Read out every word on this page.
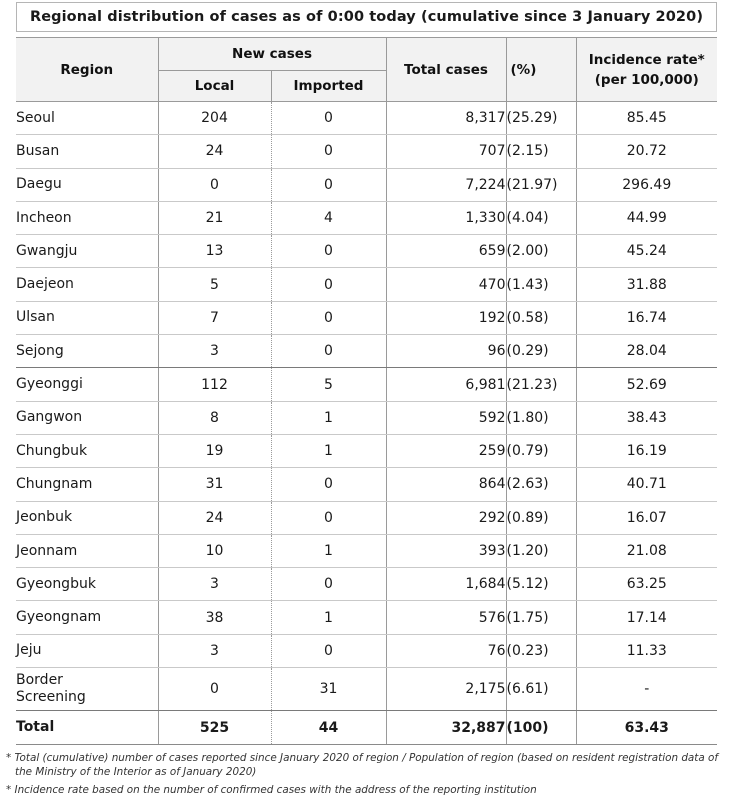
Regional distribution of cases as of 0:00 today (cumulative since 3 January 2020)
Region	New cases		Total cases	(%)	Incidence rate*
(per 100,000)

	Local	Imported			
Seoul	204	0	8,317	(25.29)	85.45
Busan	24	0	707	(2.15)	20.72
Daegu	0	0	7,224	(21.97)	296.49
Incheon	21	4	1,330	(4.04)	44.99
Gwangju	13	0	659	(2.00)	45.24
Daejeon	5	0	470	(1.43)	31.88
Ulsan	7	0	192	(0.58)	16.74
Sejong	3	0	96	(0.29)	28.04
Gyeonggi	112	5	6,981	(21.23)	52.69
Gangwon	8	1	592	(1.80)	38.43
Chungbuk	19	1	259	(0.79)	16.19
Chungnam	31	0	864	(2.63)	40.71
Jeonbuk	24	0	292	(0.89)	16.07
Jeonnam	10	1	393	(1.20)	21.08
Gyeongbuk	3	0	1,684	(5.12)	63.25
Gyeongnam	38	1	576	(1.75)	17.14
Jeju	3	0	76	(0.23)	11.33

Border
Screening	0	31	2,175	(6.61)	-
Total	525	44	32,887	(100)	63.43

* Total (cumulative) number of cases reported since January 2020 of region / Population of region (based on resident registration data of the Ministry of the Interior as of January 2020)

* Incidence rate based on the number of confirmed cases with the address of the reporting institution
